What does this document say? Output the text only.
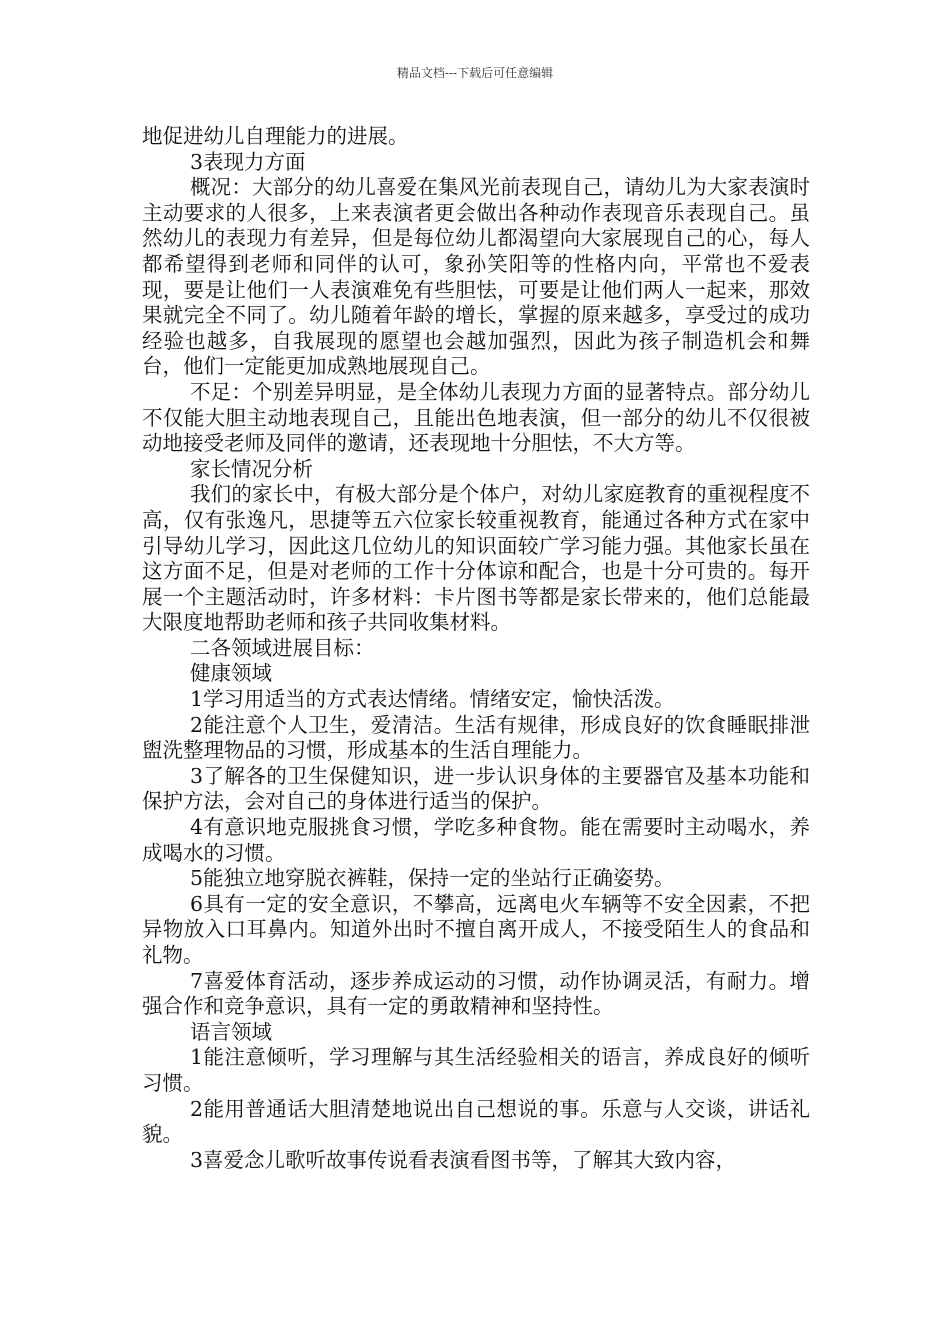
精品文档---下载后可任意编辑

地促进幼儿自理能力的进展。

3表现力方面

概况：大部分的幼儿喜爱在集风光前表现自己，请幼儿为大家表演时主动要求的人很多，上来表演者更会做出各种动作表现音乐表现自己。虽然幼儿的表现力有差异，但是每位幼儿都渴望向大家展现自己的心，每人都希望得到老师和同伴的认可，象孙笑阳等的性格内向，平常也不爱表现，要是让他们一人表演难免有些胆怯，可要是让他们两人一起来，那效果就完全不同了。幼儿随着年龄的增长，掌握的原来越多，享受过的成功经验也越多，自我展现的愿望也会越加强烈，因此为孩子制造机会和舞台，他们一定能更加成熟地展现自己。

不足：个别差异明显，是全体幼儿表现力方面的显著特点。部分幼儿不仅能大胆主动地表现自己，且能出色地表演，但一部分的幼儿不仅很被动地接受老师及同伴的邀请，还表现地十分胆怯，不大方等。

家长情况分析

我们的家长中，有极大部分是个体户，对幼儿家庭教育的重视程度不高，仅有张逸凡，思捷等五六位家长较重视教育，能通过各种方式在家中引导幼儿学习，因此这几位幼儿的知识面较广学习能力强。其他家长虽在这方面不足，但是对老师的工作十分体谅和配合，也是十分可贵的。每开展一个主题活动时，许多材料：卡片图书等都是家长带来的，他们总能最大限度地帮助老师和孩子共同收集材料。

二各领域进展目标：

健康领域

1学习用适当的方式表达情绪。情绪安定，愉快活泼。

2能注意个人卫生，爱清洁。生活有规律，形成良好的饮食睡眠排泄盥洗整理物品的习惯，形成基本的生活自理能力。

3了解各的卫生保健知识，进一步认识身体的主要器官及基本功能和保护方法，会对自己的身体进行适当的保护。

4有意识地克服挑食习惯，学吃多种食物。能在需要时主动喝水，养成喝水的习惯。

5能独立地穿脱衣裤鞋，保持一定的坐站行正确姿势。

6具有一定的安全意识，不攀高，远离电火车辆等不安全因素，不把异物放入口耳鼻内。知道外出时不擅自离开成人，不接受陌生人的食品和礼物。

7喜爱体育活动，逐步养成运动的习惯，动作协调灵活，有耐力。增强合作和竞争意识，具有一定的勇敢精神和坚持性。

语言领域

1能注意倾听，学习理解与其生活经验相关的语言，养成良好的倾听习惯。

2能用普通话大胆清楚地说出自己想说的事。乐意与人交谈，讲话礼貌。

3喜爱念儿歌听故事传说看表演看图书等，了解其大致内容，
